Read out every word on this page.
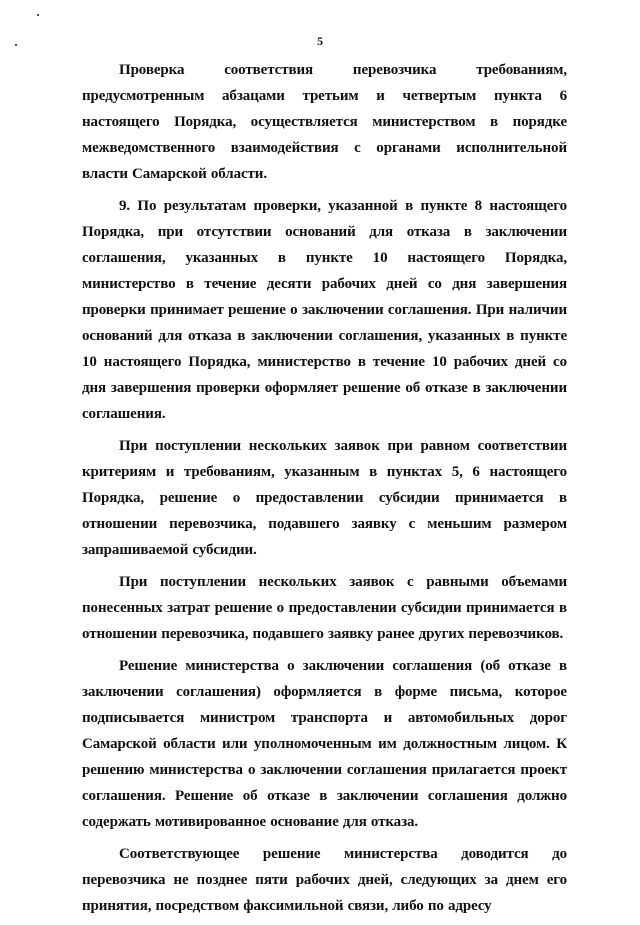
5

Проверка соответствия перевозчика требованиям, предусмотренным абзацами третьим и четвертым пункта 6 настоящего Порядка, осуществляется министерством в порядке межведомственного взаимодействия с органами исполнительной власти Самарской области.

9. По результатам проверки, указанной в пункте 8 настоящего Порядка, при отсутствии оснований для отказа в заключении соглашения, указанных в пункте 10 настоящего Порядка, министерство в течение десяти рабочих дней со дня завершения проверки принимает решение о заключении соглашения. При наличии оснований для отказа в заключении соглашения, указанных в пункте 10 настоящего Порядка, министерство в течение 10 рабочих дней со дня завершения проверки оформляет решение об отказе в заключении соглашения.

При поступлении нескольких заявок при равном соответствии критериям и требованиям, указанным в пунктах 5, 6 настоящего Порядка, решение о предоставлении субсидии принимается в отношении перевозчика, подавшего заявку с меньшим размером запрашиваемой субсидии.

При поступлении нескольких заявок с равными объемами понесенных затрат решение о предоставлении субсидии принимается в отношении перевозчика, подавшего заявку ранее других перевозчиков.

Решение министерства о заключении соглашения (об отказе в заключении соглашения) оформляется в форме письма, которое подписывается министром транспорта и автомобильных дорог Самарской области или уполномоченным им должностным лицом. К решению министерства о заключении соглашения прилагается проект соглашения. Решение об отказе в заключении соглашения должно содержать мотивированное основание для отказа.

Соответствующее решение министерства доводится до перевозчика не позднее пяти рабочих дней, следующих за днем его принятия, посредством факсимильной связи, либо по адресу
